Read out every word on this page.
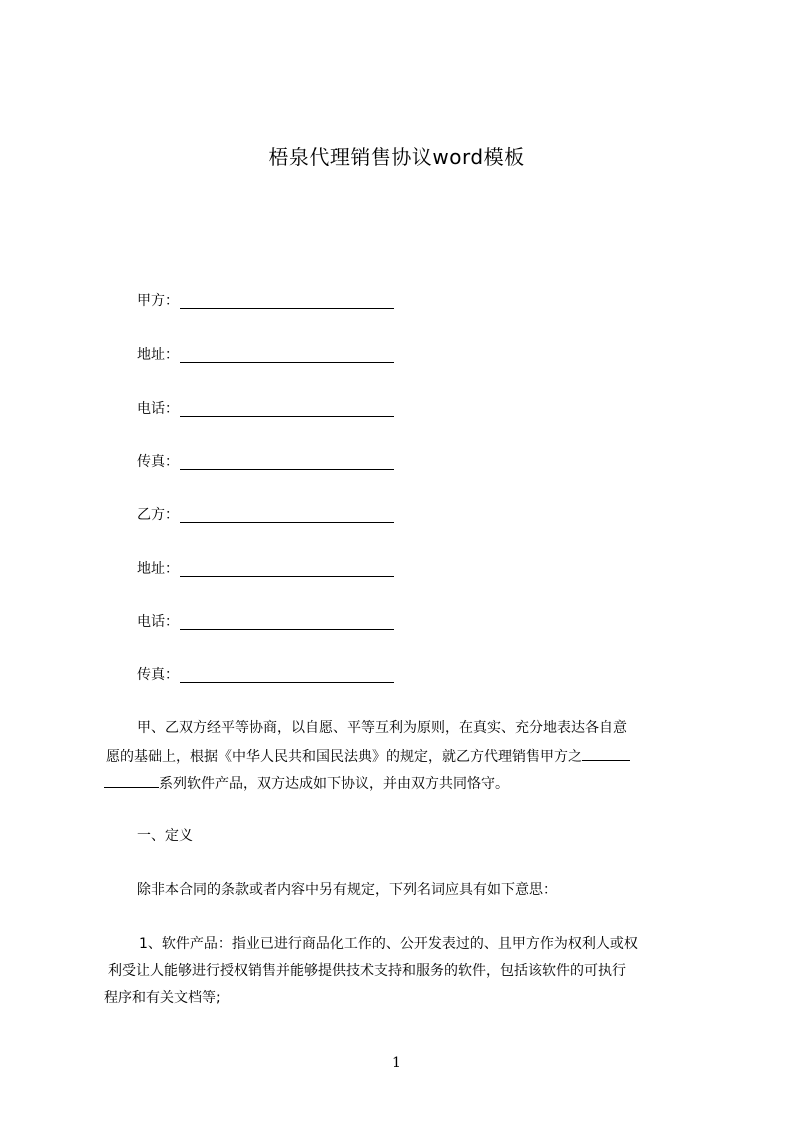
梧泉代理销售协议word模板
甲方：
地址：
电话：
传真：
乙方：
地址：
电话：
传真：
甲、乙双方经平等协商，以自愿、平等互利为原则，在真实、充分地表达各自意
愿的基础上，根据《中华人民共和国民法典》的规定，就乙方代理销售甲方之
系列软件产品，双方达成如下协议，并由双方共同恪守。
一、定义
除非本合同的条款或者内容中另有规定，下列名词应具有如下意思：
1、软件产品：指业已进行商品化工作的、公开发表过的、且甲方作为权利人或权
利受让人能够进行授权销售并能够提供技术支持和服务的软件，包括该软件的可执行
程序和有关文档等;
1
